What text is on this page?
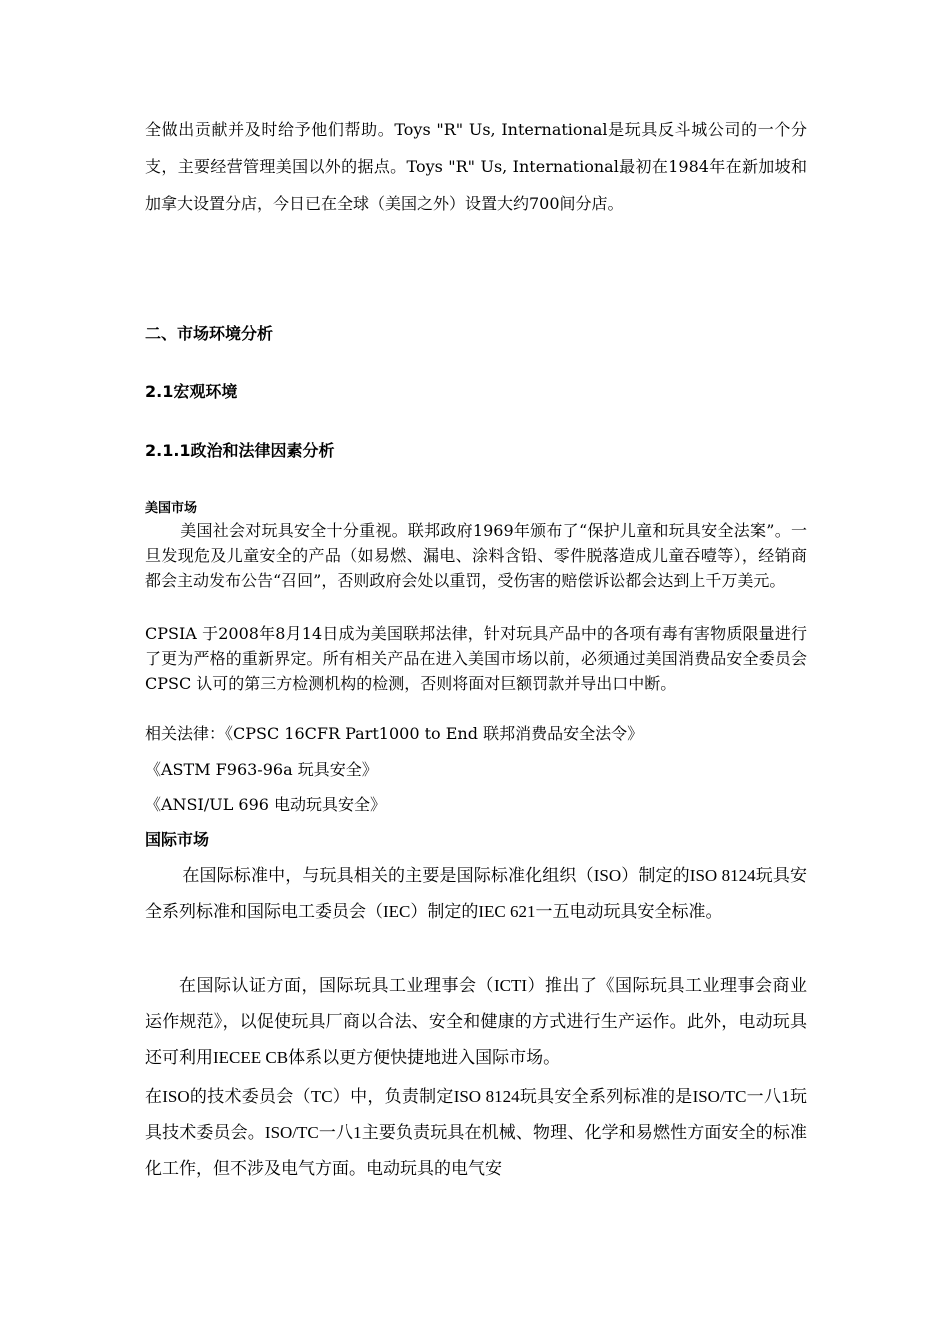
全做出贡献并及时给予他们帮助。Toys "R" Us, International是玩具反斗城公司的一个分支，主要经营管理美国以外的据点。Toys "R" Us, International最初在1984年在新加坡和加拿大设置分店，今日已在全球（美国之外）设置大约700间分店。

二、市场环境分析
2.1宏观环境
2.1.1政治和法律因素分析
美国市场

美国社会对玩具安全十分重视。联邦政府1969年颁布了“保护儿童和玩具安全法案”。一旦发现危及儿童安全的产品（如易燃、漏电、涂料含铅、零件脱落造成儿童吞噎等），经销商都会主动发布公告“召回”，否则政府会处以重罚，受伤害的赔偿诉讼都会达到上千万美元。

CPSIA 于2008年8月14日成为美国联邦法律，针对玩具产品中的各项有毒有害物质限量进行了更为严格的重新界定。所有相关产品在进入美国市场以前，必须通过美国消费品安全委员会CPSC 认可的第三方检测机构的检测，否则将面对巨额罚款并导出口中断。

相关法律：《CPSC 16CFR Part1000 to End 联邦消费品安全法令》
《ASTM F963-96a 玩具安全》
《ANSI/UL 696 电动玩具安全》
国际市场

在国际标准中，与玩具相关的主要是国际标准化组织（ISO）制定的ISO 8124玩具安全系列标准和国际电工委员会（IEC）制定的IEC 621一五电动玩具安全标准。

在国际认证方面，国际玩具工业理事会（ICTI）推出了《国际玩具工业理事会商业运作规范》，以促使玩具厂商以合法、安全和健康的方式进行生产运作。此外，电动玩具还可利用IECEE CB体系以更方便快捷地进入国际市场。

在ISO的技术委员会（TC）中，负责制定ISO 8124玩具安全系列标准的是ISO/TC一八1玩具技术委员会。ISO/TC一八1主要负责玩具在机械、物理、化学和易燃性方面安全的标准化工作，但不涉及电气方面。电动玩具的电气安
